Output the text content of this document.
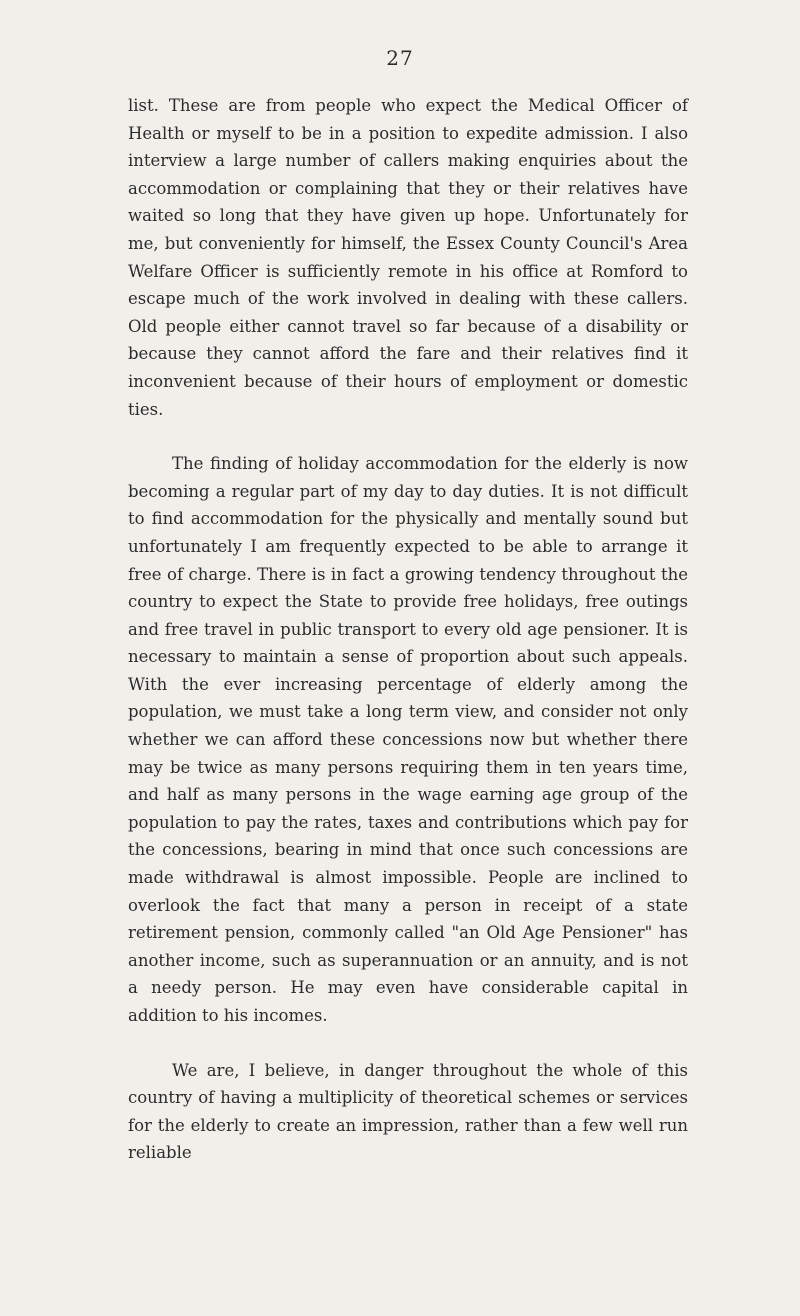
27

list. These are from people who expect the Medical Officer of Health or myself to be in a position to expedite admission. I also interview a large number of callers making enquiries about the accommodation or complaining that they or their relatives have waited so long that they have given up hope. Unfortunately for me, but conveniently for himself, the Essex County Council's Area Welfare Officer is sufficiently remote in his office at Romford to escape much of the work involved in dealing with these callers. Old people either cannot travel so far because of a disability or because they cannot afford the fare and their relatives find it inconvenient because of their hours of employment or domestic ties.

The finding of holiday accommodation for the elderly is now becoming a regular part of my day to day duties. It is not difficult to find accommodation for the physically and mentally sound but unfortunately I am frequently expected to be able to arrange it free of charge. There is in fact a growing tendency throughout the country to expect the State to provide free holidays, free outings and free travel in public transport to every old age pensioner. It is necessary to maintain a sense of proportion about such appeals. With the ever increasing percentage of elderly among the population, we must take a long term view, and consider not only whether we can afford these concessions now but whether there may be twice as many persons requiring them in ten years time, and half as many persons in the wage earning age group of the population to pay the rates, taxes and contributions which pay for the concessions, bearing in mind that once such concessions are made withdrawal is almost impossible. People are inclined to overlook the fact that many a person in receipt of a state retirement pension, commonly called "an Old Age Pensioner" has another income, such as superannuation or an annuity, and is not a needy person. He may even have considerable capital in addition to his incomes.

We are, I believe, in danger throughout the whole of this country of having a multiplicity of theoretical schemes or services for the elderly to create an impression, rather than a few well run reliable
